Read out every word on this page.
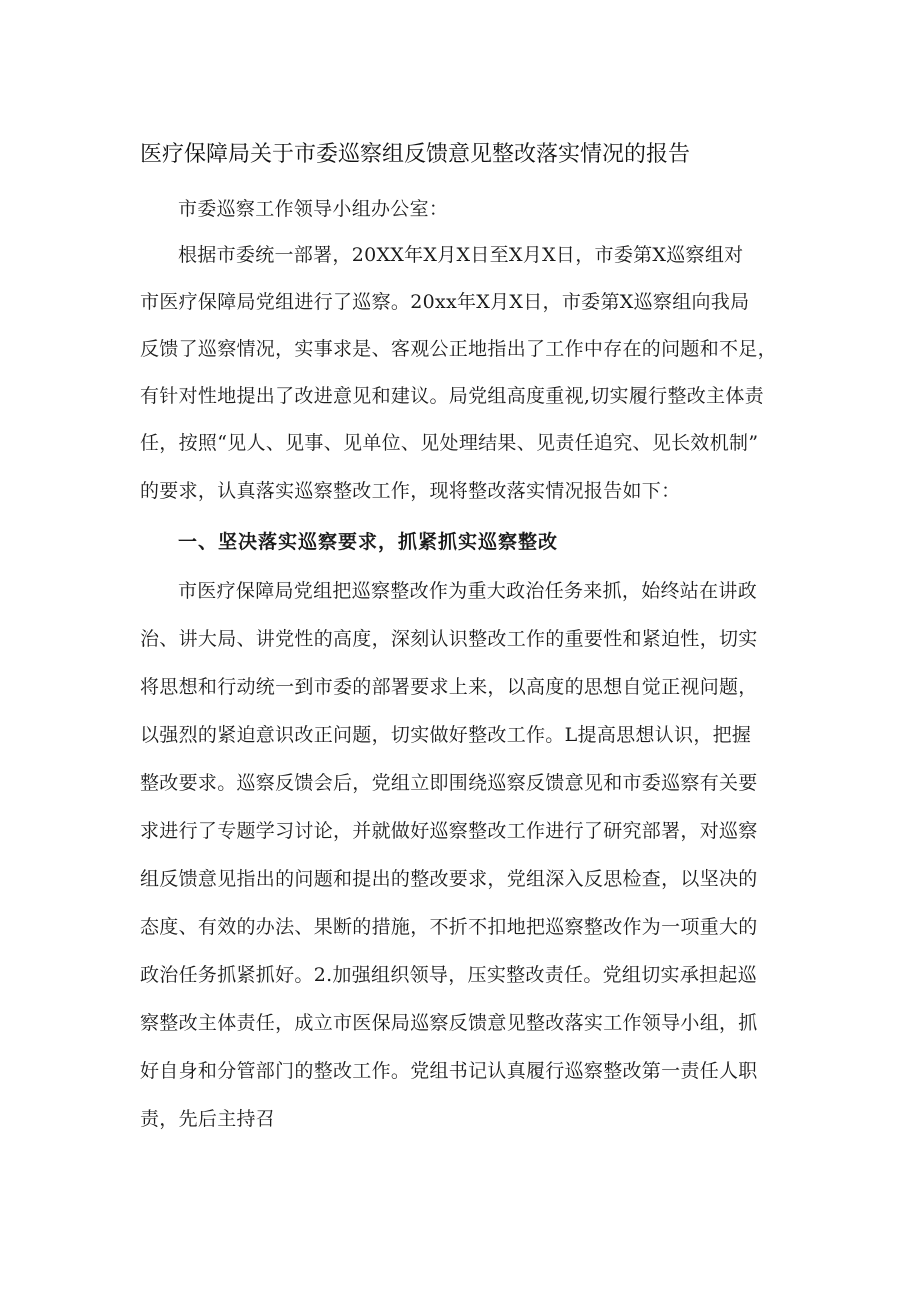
医疗保障局关于市委巡察组反馈意见整改落实情况的报告
市委巡察工作领导小组办公室：
根据市委统一部署，20XX年X月X日至X月X日，市委第X巡察组对
市医疗保障局党组进行了巡察。20xx年X月X日，市委第X巡察组向我局
反馈了巡察情况，实事求是、客观公正地指出了工作中存在的问题和不足，
有针对性地提出了改进意见和建议。局党组高度重视,切实履行整改主体责
任，按照“见人、见事、见单位、见处理结果、见责任追究、见长效机制”
的要求，认真落实巡察整改工作，现将整改落实情况报告如下：
一、坚决落实巡察要求，抓紧抓实巡察整改
市医疗保障局党组把巡察整改作为重大政治任务来抓，始终站在讲政
治、讲大局、讲党性的高度，深刻认识整改工作的重要性和紧迫性，切实
将思想和行动统一到市委的部署要求上来，以高度的思想自觉正视问题，
以强烈的紧迫意识改正问题，切实做好整改工作。L提高思想认识，把握
整改要求。巡察反馈会后，党组立即围绕巡察反馈意见和市委巡察有关要
求进行了专题学习讨论，并就做好巡察整改工作进行了研究部署，对巡察
组反馈意见指出的问题和提出的整改要求，党组深入反思检查，以坚决的
态度、有效的办法、果断的措施，不折不扣地把巡察整改作为一项重大的
政治任务抓紧抓好。2.加强组织领导，压实整改责任。党组切实承担起巡
察整改主体责任，成立市医保局巡察反馈意见整改落实工作领导小组，抓
好自身和分管部门的整改工作。党组书记认真履行巡察整改第一责任人职
责，先后主持召
